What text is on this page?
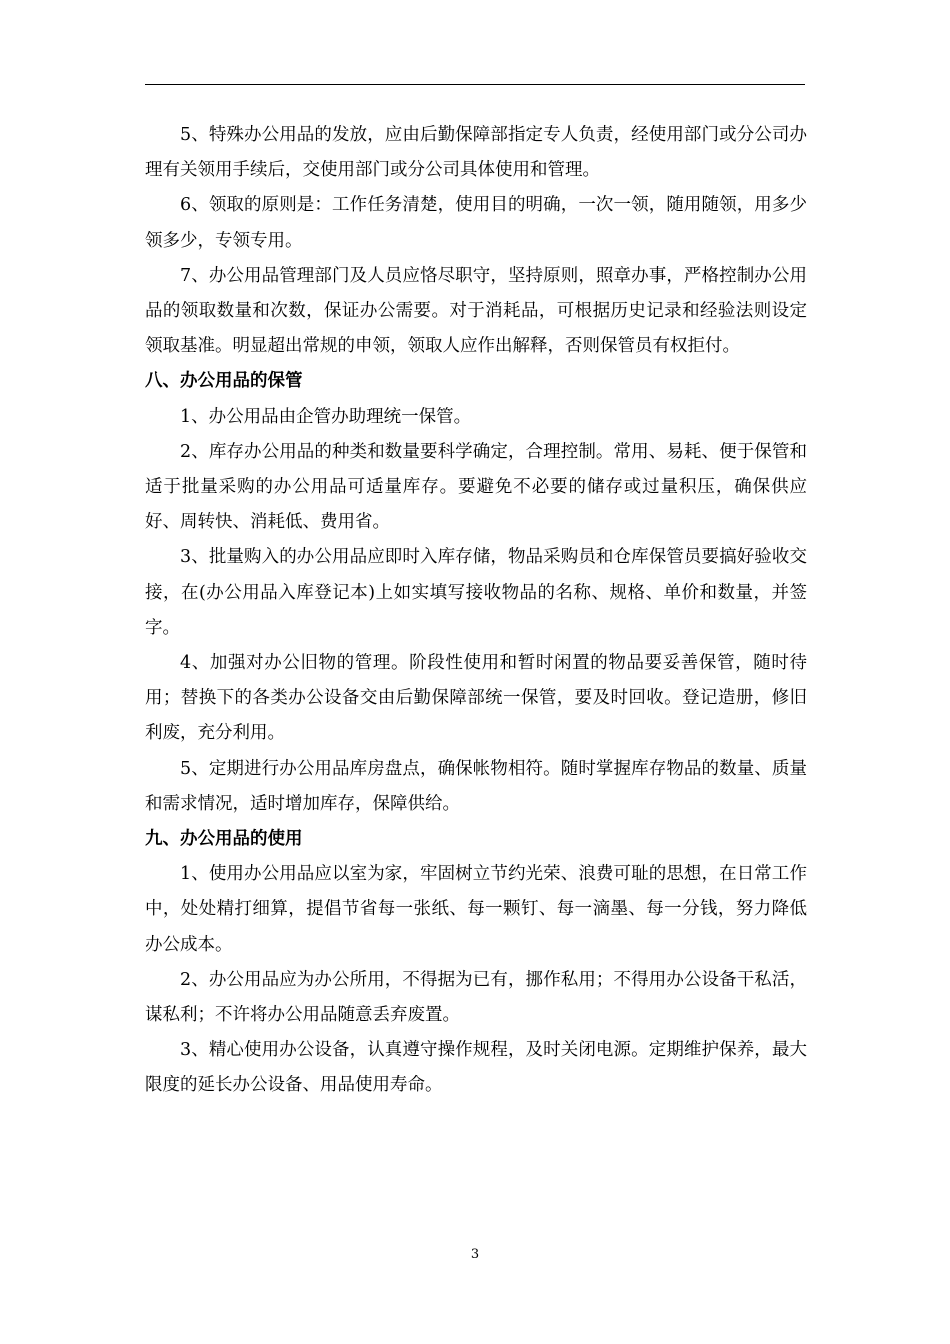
5、特殊办公用品的发放，应由后勤保障部指定专人负责，经使用部门或分公司办理有关领用手续后，交使用部门或分公司具体使用和管理。

6、领取的原则是：工作任务清楚，使用目的明确，一次一领，随用随领，用多少领多少，专领专用。

7、办公用品管理部门及人员应恪尽职守，坚持原则，照章办事，严格控制办公用品的领取数量和次数，保证办公需要。对于消耗品，可根据历史记录和经验法则设定领取基准。明显超出常规的申领，领取人应作出解释，否则保管员有权拒付。

八、办公用品的保管

1、办公用品由企管办助理统一保管。

2、库存办公用品的种类和数量要科学确定，合理控制。常用、易耗、便于保管和适于批量采购的办公用品可适量库存。要避免不必要的储存或过量积压，确保供应好、周转快、消耗低、费用省。

3、批量购入的办公用品应即时入库存储，物品采购员和仓库保管员要搞好验收交接，在(办公用品入库登记本)上如实填写接收物品的名称、规格、单价和数量，并签字。

4、加强对办公旧物的管理。阶段性使用和暂时闲置的物品要妥善保管，随时待用；替换下的各类办公设备交由后勤保障部统一保管，要及时回收。登记造册，修旧利废，充分利用。

5、定期进行办公用品库房盘点，确保帐物相符。随时掌握库存物品的数量、质量和需求情况，适时增加库存，保障供给。

九、办公用品的使用

1、使用办公用品应以室为家，牢固树立节约光荣、浪费可耻的思想，在日常工作中，处处精打细算，提倡节省每一张纸、每一颗钉、每一滴墨、每一分钱，努力降低办公成本。

2、办公用品应为办公所用，不得据为已有，挪作私用；不得用办公设备干私活，谋私利；不许将办公用品随意丢弃废置。

3、精心使用办公设备，认真遵守操作规程，及时关闭电源。定期维护保养，最大限度的延长办公设备、用品使用寿命。

3
